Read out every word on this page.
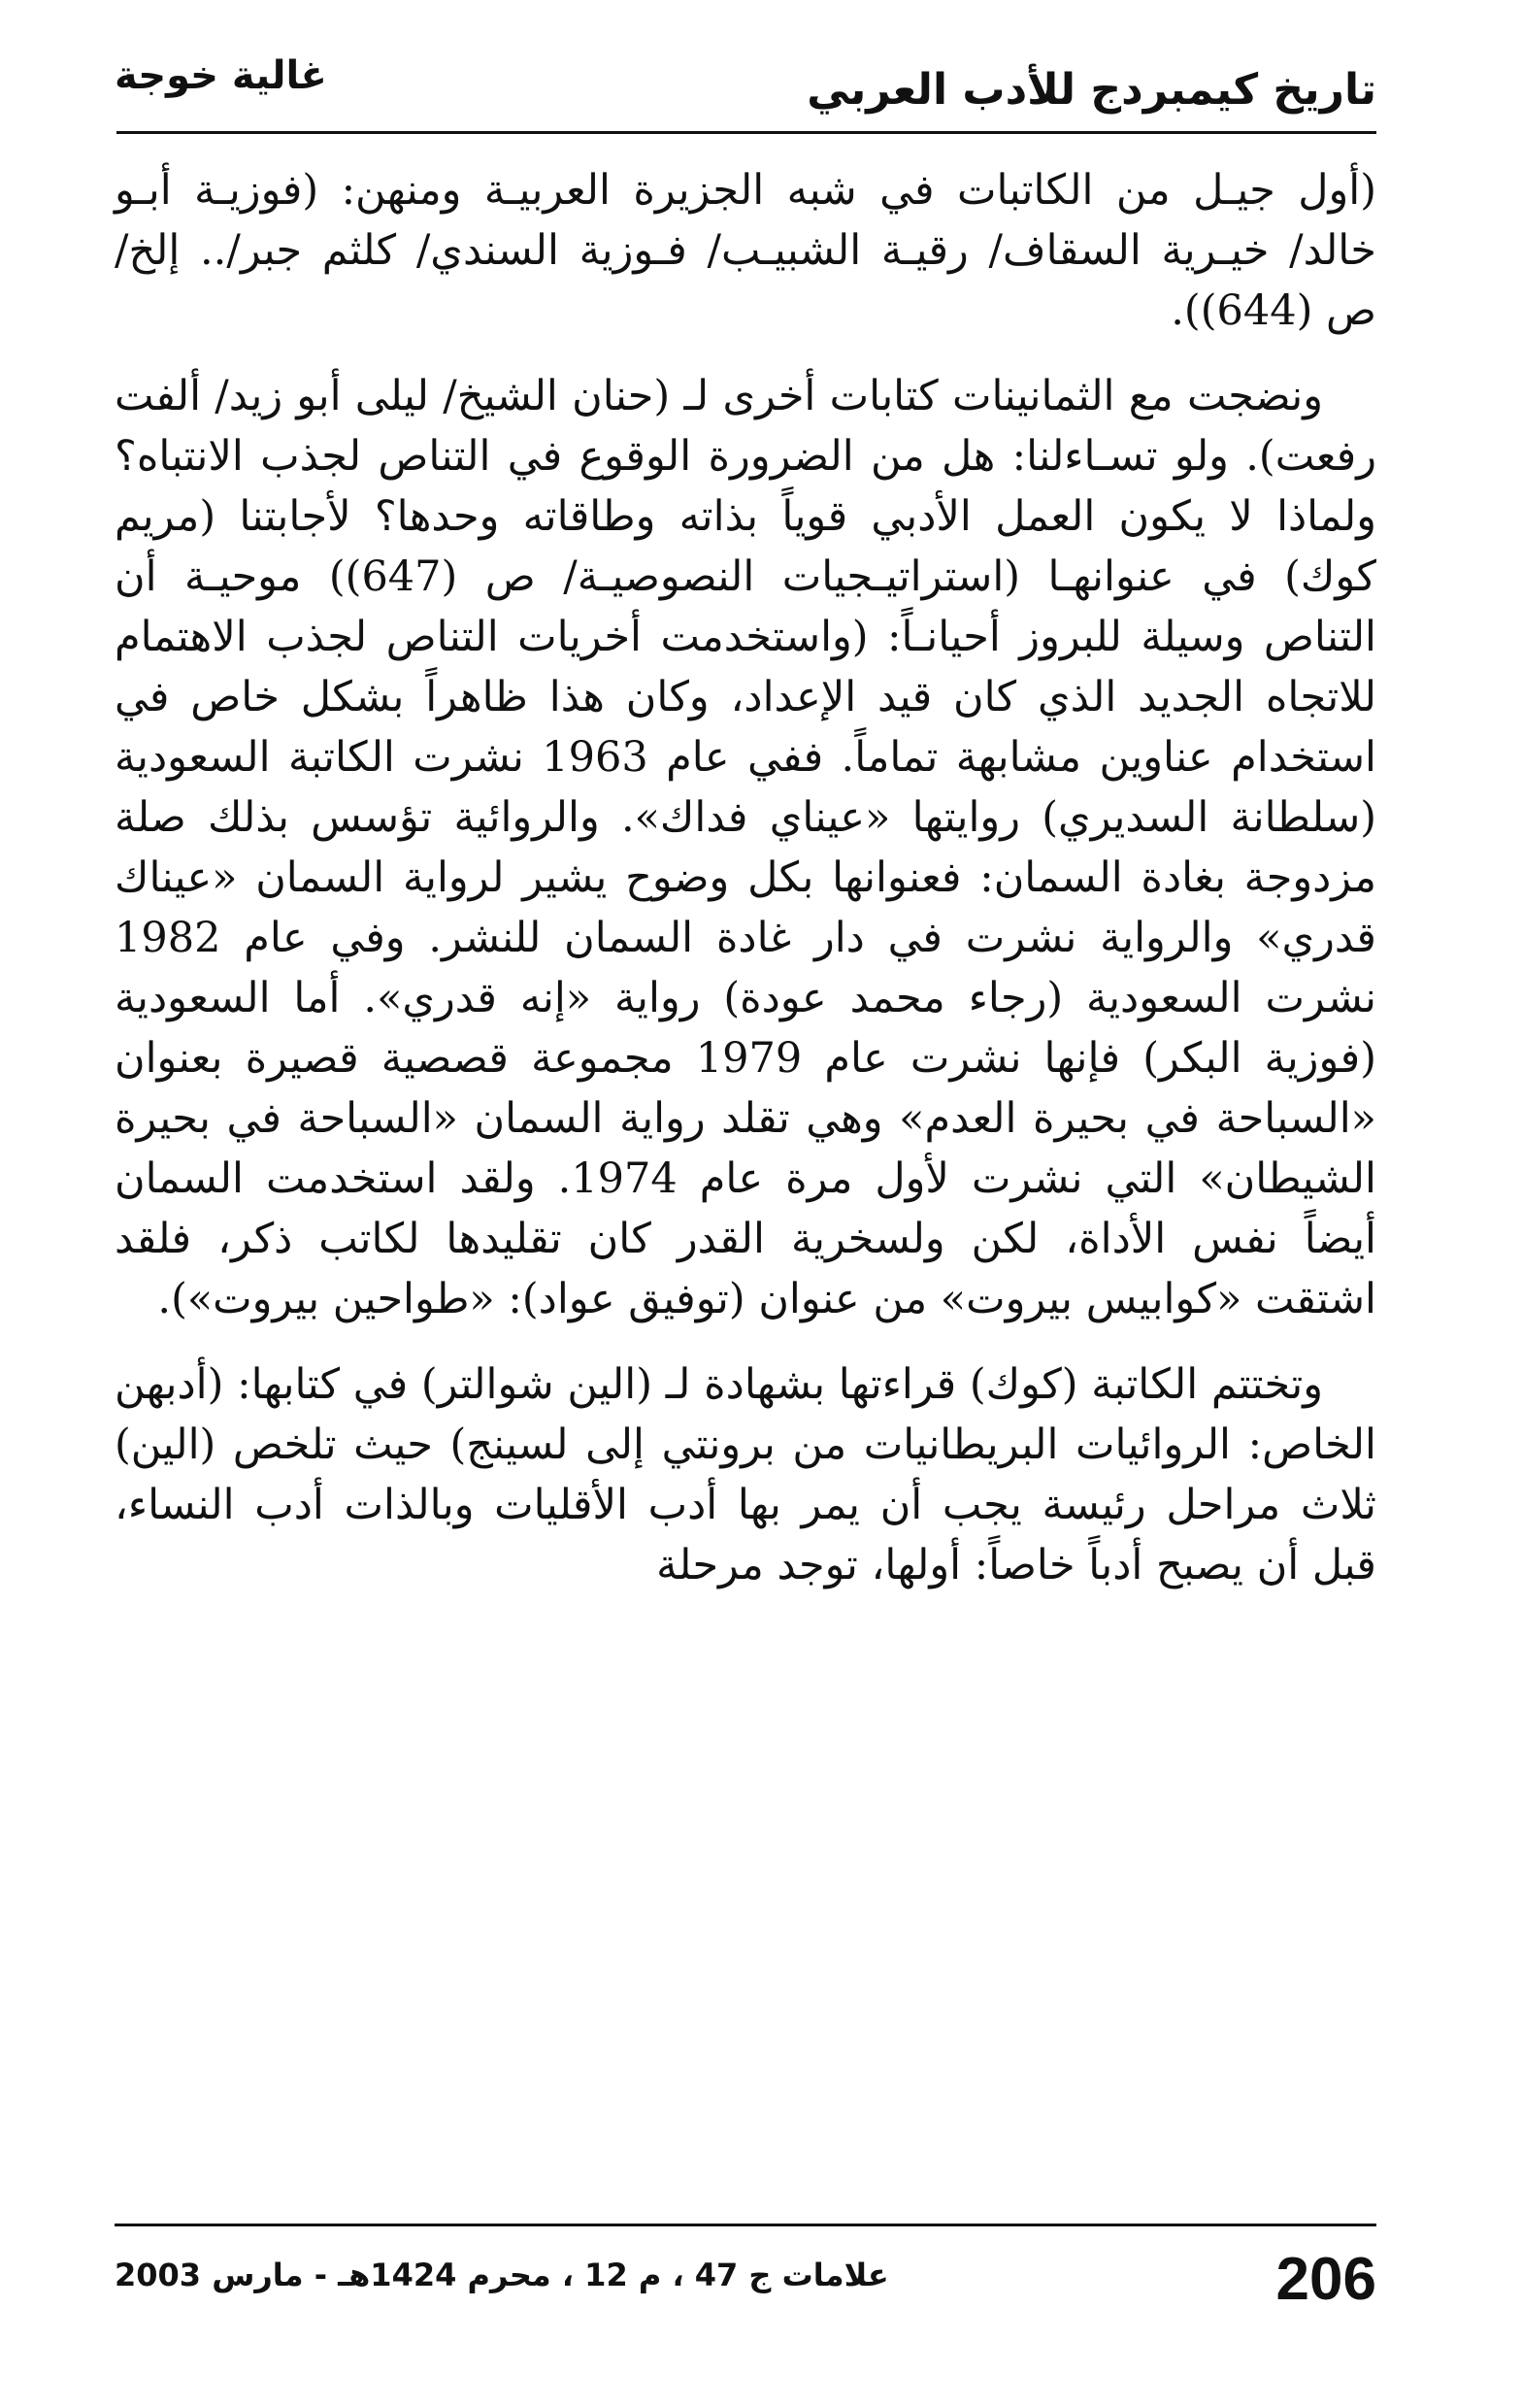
تاريخ كيمبردج للأدب العربي
غالية خوجة

(أول جيـل من الكاتبات في شبه الجزيرة العربيـة ومنهن: (فوزيـة أبـو خالد/ خيـرية السقاف/ رقيـة الشبيـب/ فـوزية السندي/ كلثم جبر/.. إلخ/ ص (644)).

ونضجت مع الثمانينات كتابات أخرى لـ (حنان الشيخ/ ليلى أبو زيد/ ألفت رفعت). ولو تسـاءلنا: هل من الضرورة الوقوع في التناص لجذب الانتباه؟ ولماذا لا يكون العمل الأدبي قوياً بذاته وطاقاته وحدها؟ لأجابتنا (مريم كوك) في عنوانهـا (استراتيـجيات النصوصيـة/ ص (647)) موحيـة أن التناص وسيلة للبروز أحيانـاً: (واستخدمت أخريات التناص لجذب الاهتمام للاتجاه الجديد الذي كان قيد الإعداد، وكان هذا ظاهراً بشكل خاص في استخدام عناوين مشابهة تماماً. ففي عام 1963 نشرت الكاتبة السعودية (سلطانة السديري) روايتها «عيناي فداك». والروائية تؤسس بذلك صلة مزدوجة بغادة السمان: فعنوانها بكل وضوح يشير لرواية السمان «عيناك قدري» والرواية نشرت في دار غادة السمان للنشر. وفي عام 1982 نشرت السعودية (رجاء محمد عودة) رواية «إنه قدري». أما السعودية (فوزية البكر) فإنها نشرت عام 1979 مجموعة قصصية قصيرة بعنوان «السباحة في بحيرة العدم» وهي تقلد رواية السمان «السباحة في بحيرة الشيطان» التي نشرت لأول مرة عام 1974. ولقد استخدمت السمان أيضاً نفس الأداة، لكن ولسخرية القدر كان تقليدها لكاتب ذكر، فلقد اشتقت «كوابيس بيروت» من عنوان (توفيق عواد): «طواحين بيروت»).

وتختتم الكاتبة (كوك) قراءتها بشهادة لـ (الين شوالتر) في كتابها: (أدبهن الخاص: الروائيات البريطانيات من برونتي إلى لسينج) حيث تلخص (الين) ثلاث مراحل رئيسة يجب أن يمر بها أدب الأقليات وبالذات أدب النساء، قبل أن يصبح أدباً خاصاً: أولها، توجد مرحلة

206
علامات ج 47 ، م 12 ، محرم 1424هـ - مارس 2003
